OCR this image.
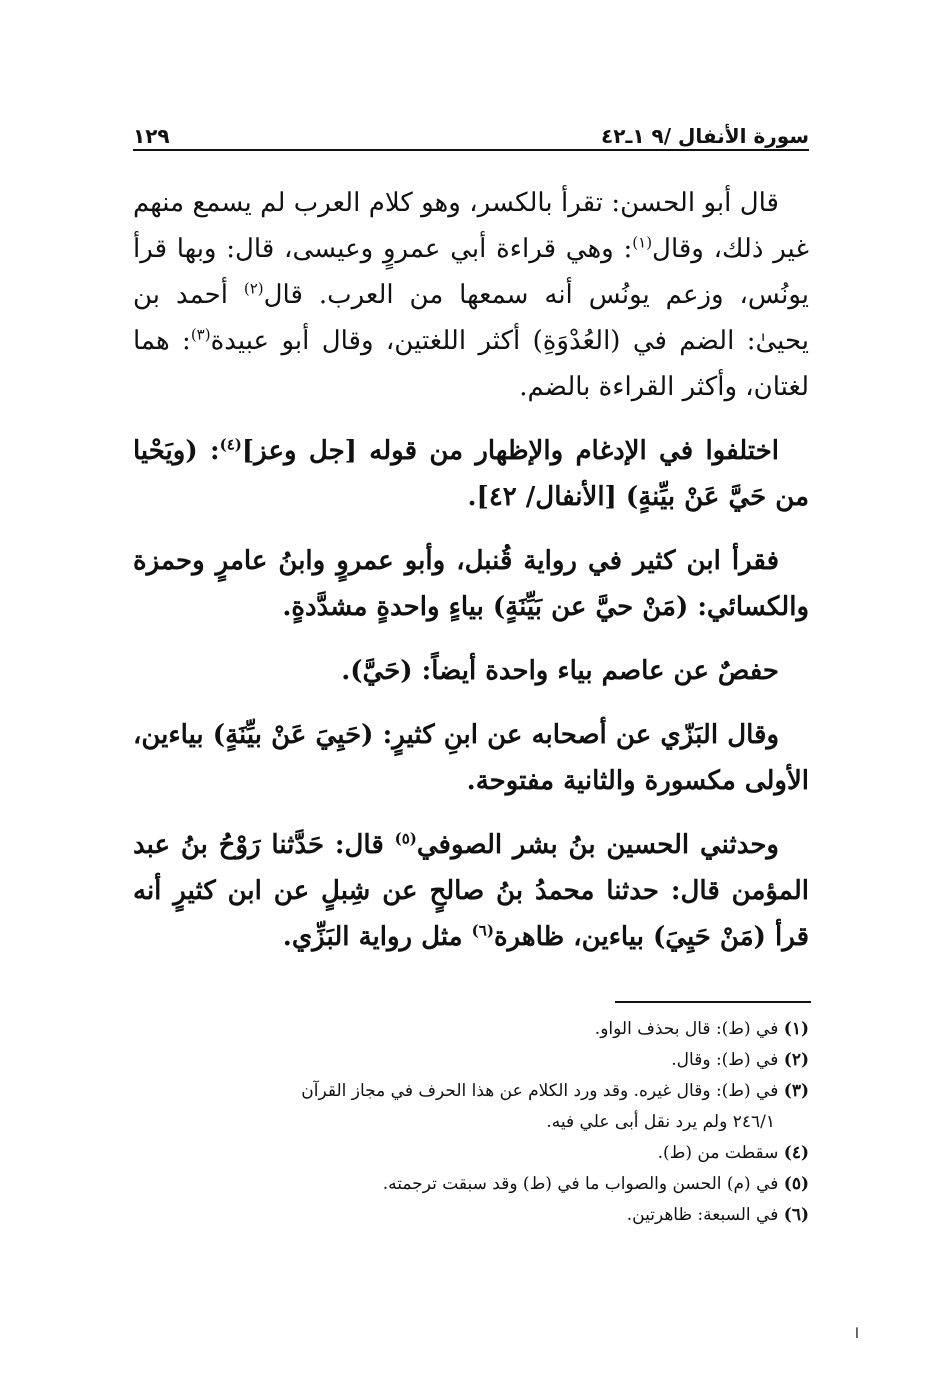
سورة الأنفال /٩ ١ـ٤٢
١٢٩

قال أبو الحسن: تقرأ بالكسر، وهو كلام العرب لم يسمع منهم غير ذلك، وقال$^{(١)}$: وهي قراءة أبي عمروٍ وعيسى، قال: وبها قرأ يونُس، وزعم يونُس أنه سمعها من العرب. قال$^{(٢)}$ أحمد بن يحيىٰ: الضم في (العُدْوَةِ) أكثر اللغتين، وقال أبو عبيدة$^{(٣)}$: هما لغتان، وأكثر القراءة بالضم.

اختلفوا في الإدغام والإظهار من قوله [جل وعز]$^{(٤)}$: (ويَحْيا من حَيَّ عَنْ بيِّنةٍ) [الأنفال/ ٤٢].

فقرأ ابن كثير في رواية قُنبل، وأبو عمروٍ وابنُ عامرٍ وحمزة والكسائي: (مَنْ حيَّ عن بَيِّنَةٍ) بياءٍ واحدةٍ مشدَّدةٍ.

حفصٌ عن عاصم بياء واحدة أيضاً: (حَيَّ).

وقال البَزّي عن أصحابه عن ابنِ كثيرٍ: (حَيِيَ عَنْ بيِّنَةٍ) بياءين، الأولى مكسورة والثانية مفتوحة.

وحدثني الحسين بنُ بشر الصوفي$^{(٥)}$ قال: حَدَّثنا رَوْحُ بنُ عبد المؤمن قال: حدثنا محمدُ بنُ صالحٍ عن شِبلٍ عن ابن كثيرٍ أنه قرأ (مَنْ حَيِيَ) بياءين، ظاهرة$^{(٦)}$ مثل رواية البَزِّي.

(١) في (ط): قال بحذف الواو.

(٢) في (ط): وقال.

(٣) في (ط): وقال غيره. وقد ورد الكلام عن هذا الحرف في مجاز القرآن
٢٤٦/١ ولم يرد نقل أبى علي فيه.

(٤) سقطت من (ط).

(٥) في (م) الحسن والصواب ما في (ط) وقد سبقت ترجمته.

(٦) في السبعة: ظاهرتين.

ا
